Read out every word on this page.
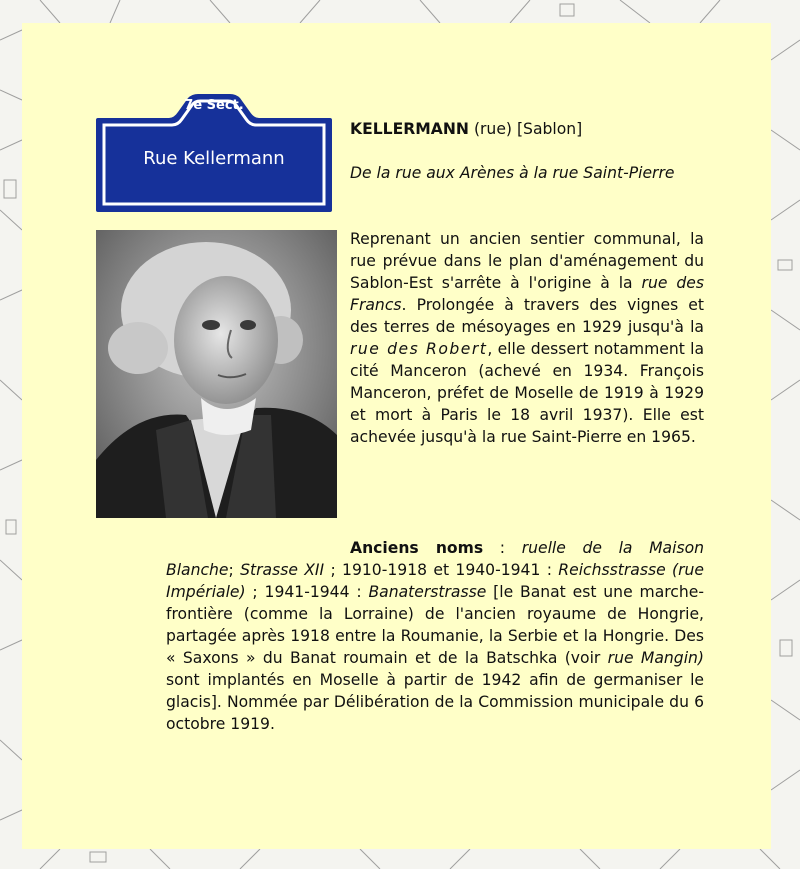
7e Sect.
Rue Kellermann
KELLERMANN (rue) [Sablon]
De la rue aux Arènes à la rue Saint-Pierre
Reprenant un ancien sentier communal, la rue prévue dans le plan d'aménagement du Sablon-Est s'arrête à l'origine à la rue des Francs. Prolongée à travers des vignes et des terres de mésoyages en 1929 jusqu'à la rue des Robert, elle dessert notamment la cité Manceron (achevé en 1934. François Manceron, préfet de Moselle de 1919 à 1929 et mort à Paris le 18 avril 1937). Elle est achevée jusqu'à la rue Saint-Pierre en 1965.
Anciens noms : ruelle de la Maison Blanche; Strasse XII ; 1910-1918 et 1940-1941 : Reichsstrasse (rue Impériale) ; 1941-1944 : Banaterstrasse [le Banat est une marche-frontière (comme la Lorraine) de l'ancien royaume de Hongrie, partagée après 1918 entre la Roumanie, la Serbie et la Hongrie. Des « Saxons » du Banat roumain et de la Batschka (voir rue Mangin) sont implantés en Moselle à partir de 1942 afin de germaniser le glacis]. Nommée par Délibération de la Commission municipale du 6 octobre 1919.
